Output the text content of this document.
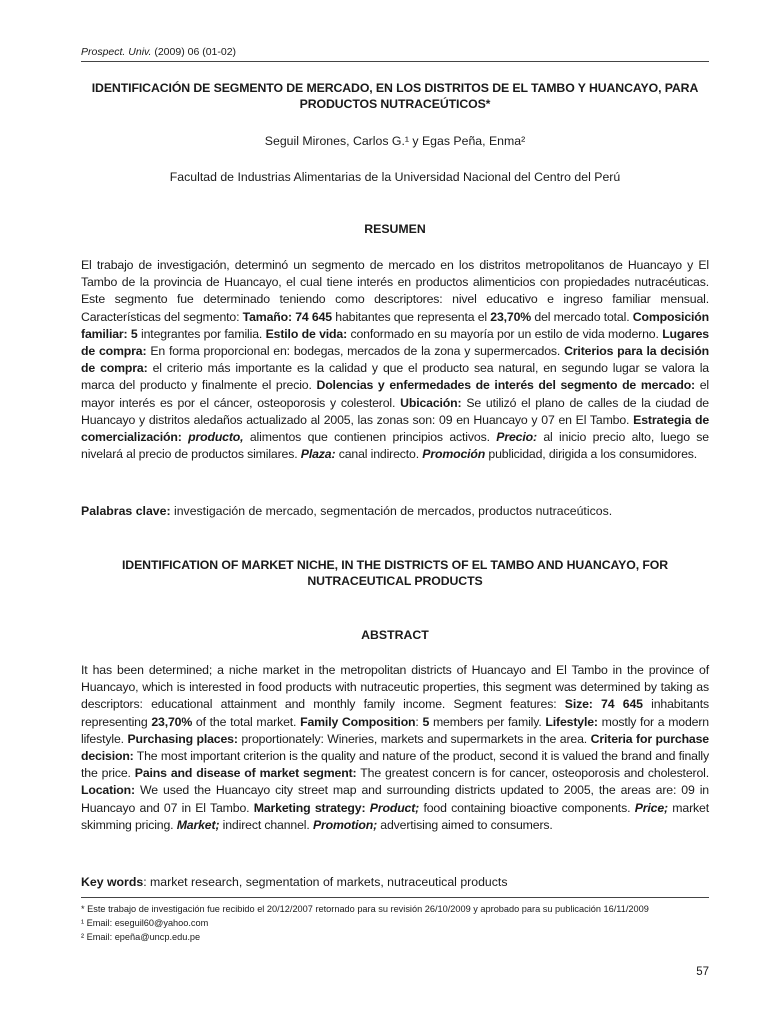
Prospect. Univ. (2009) 06 (01-02)
IDENTIFICACIÓN DE SEGMENTO DE MERCADO, EN LOS DISTRITOS DE EL TAMBO Y HUANCAYO, PARA PRODUCTOS NUTRACEÚTICOS*
Seguil Mirones, Carlos G.¹ y Egas Peña, Enma²
Facultad de Industrias Alimentarias de la Universidad Nacional del Centro del Perú
RESUMEN
El trabajo de investigación, determinó un segmento de mercado en los distritos metropolitanos de Huancayo y El Tambo de la provincia de Huancayo, el cual tiene interés en productos alimenticios con propiedades nutracéuticas. Este segmento fue determinado teniendo como descriptores: nivel educativo e ingreso familiar mensual. Características del segmento: Tamaño: 74 645 habitantes que representa el 23,70% del mercado total. Composición familiar: 5 integrantes por familia. Estilo de vida: conformado en su mayoría por un estilo de vida moderno. Lugares de compra: En forma proporcional en: bodegas, mercados de la zona y supermercados. Criterios para la decisión de compra: el criterio más importante es la calidad y que el producto sea natural, en segundo lugar se valora la marca del producto y finalmente el precio. Dolencias y enfermedades de interés del segmento de mercado: el mayor interés es por el cáncer, osteoporosis y colesterol. Ubicación: Se utilizó el plano de calles de la ciudad de Huancayo y distritos aledaños actualizado al 2005, las zonas son: 09 en Huancayo y 07 en El Tambo. Estrategia de comercialización: producto, alimentos que contienen principios activos. Precio: al inicio precio alto, luego se nivelará al precio de productos similares. Plaza: canal indirecto. Promoción publicidad, dirigida a los consumidores.
Palabras clave: investigación de mercado, segmentación de mercados, productos nutraceúticos.
IDENTIFICATION OF MARKET NICHE, IN THE DISTRICTS OF EL TAMBO AND HUANCAYO, FOR NUTRACEUTICAL PRODUCTS
ABSTRACT
It has been determined; a niche market in the metropolitan districts of Huancayo and El Tambo in the province of Huancayo, which is interested in food products with nutraceutic properties, this segment was determined by taking as descriptors: educational attainment and monthly family income. Segment features: Size: 74 645 inhabitants representing 23,70% of the total market. Family Composition: 5 members per family. Lifestyle: mostly for a modern lifestyle. Purchasing places: proportionately: Wineries, markets and supermarkets in the area. Criteria for purchase decision: The most important criterion is the quality and nature of the product, second it is valued the brand and finally the price. Pains and disease of market segment: The greatest concern is for cancer, osteoporosis and cholesterol. Location: We used the Huancayo city street map and surrounding districts updated to 2005, the areas are: 09 in Huancayo and 07 in El Tambo. Marketing strategy: Product; food containing bioactive components. Price; market skimming pricing. Market; indirect channel. Promotion; advertising aimed to consumers.
Key words: market research, segmentation of markets, nutraceutical products
* Este trabajo de investigación fue recibido el 20/12/2007 retornado para su revisión 26/10/2009 y aprobado para su publicación 16/11/2009
¹ Email: eseguil60@yahoo.com
² Email: epeña@uncp.edu.pe
57
